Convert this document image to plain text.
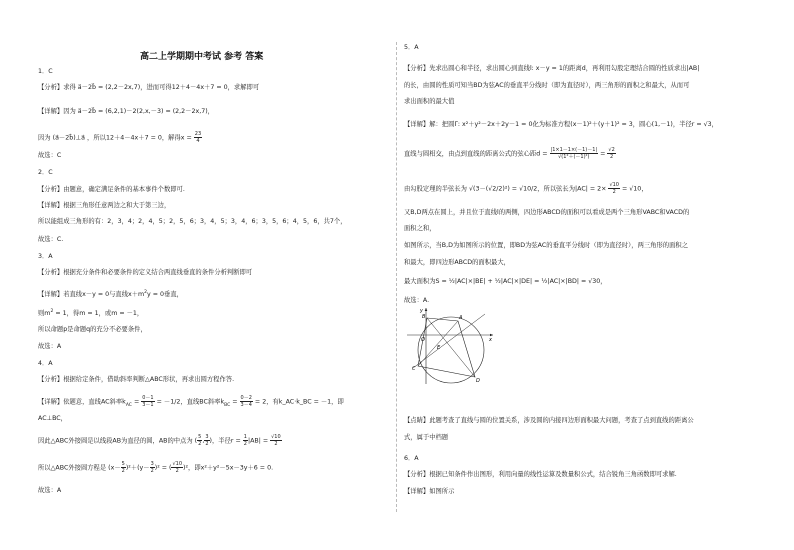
高二上学期期中考试 参考 答案
1．C
【分析】求得 a⃗－2b⃗ = (2,2－2x,7)，进而可得12＋4－4x＋7 = 0，求解即可
【详解】因为 a⃗－2b⃗ = (6,2,1)－2(2,x,－3) = (2,2－2x,7)，
因为 (a⃗－2b⃗)⊥a⃗ ，所以12＋4－4x＋7 = 0，解得$x = \frac{23}{4}$
故选：C
2．C
【分析】由题意，确定满足条件的基本事件个数即可.
【详解】根据三角形任意两边之和大于第三边，
所以能组成三角形的有：2，3，4；2，4，5；2，5，6；3，4，5；3，4，6；3，5，6；4，5，6，共7个，
故选：C.
3．A
【分析】根据充分条件和必要条件的定义结合两直线垂直的条件分析判断即可
【详解】若直线x－y = 0与直线$x+m^2y = 0$垂直，
则$m^2 = 1$，得m = 1，或m = －1，
所以命题p是命题q的充分不必要条件，
故选：A
4．A
【分析】根据给定条件，借助斜率判断△ABC形状，再求出圆方程作答.
【详解】依题意，直线AC斜率$k_{AC} = \frac{0-1}{3-1} = -1/2$，直线BC斜率$k_{BC} = \frac{0-2}{3-4} = 2$，有k_AC·k_BC = －1，即
AC⊥BC，
因此△ABC外接圆是以线段AB为直径的圆，AB的中点为 ( $\frac{5}{2}$ , $\frac{3}{2}$ )，半径$r = \frac{1}{2} |AB| = \frac{√10}{2}$
所以△ABC外接圆方程是 $(x- \frac{5}{2} )^2+(y- \frac{3}{2} )^2$ = ( $\frac{√10}{2} )^2$，即x²＋y²－5x－3y＋6 = 0.
故选：A
5．A
【分析】先求出圆心和半径，求出圆心到直线l: x－y = 1的距离d，再利用勾股定理结合圆的性质求出|AB|
的长，由圆的性质可知当BD为弦AC的垂直平分线时（即为直径时），两三角形的面积之和最大，从而可
求出面积的最大值
【详解】解：把圆Γ: x²＋y²－2x＋2y－1 = 0化为标准方程(x－1)²＋(y＋1)² = 3，圆心(1,－1)，半径r = √3，
直线与圆相交，由点到直线的距离公式的弦心距$d = \frac{|1\times 1-1\times(-1)-1|}{\text{√(1²＋(－1)²)}} = \frac{√2}{2}$
由勾股定理的半弦长为 √(3－(√2/2)²) = √10/2，所以弦长为$|AC| = 2\times \frac{√10}{2} = √10$，
又B,D两点在圆上，并且位于直线l的两侧，四边形ABCD的面积可以看成是两个三角形VABC和VACD的
面积之和，
如图所示，当B,D为如图所示的位置，即BD为弦AC的垂直平分线时（即为直径时），两三角形的面积之
和最大，即四边形ABCD的面积最大，
最大面积为S = ½|AC|×|BE| + ½|AC|×|DE| = ½|AC|×|BD| = √30，
故选：A.
y
B	A
E
O	x
C
D
【点睛】此题考查了直线与圆的位置关系，涉及圆的内接四边形面积最大问题，考查了点到直线的距离公
式，属于中档题
6．A
【分析】根据已知条件作出图形，利用向量的线性运算及数量积公式，结合锐角三角函数即可求解.
【详解】如图所示
